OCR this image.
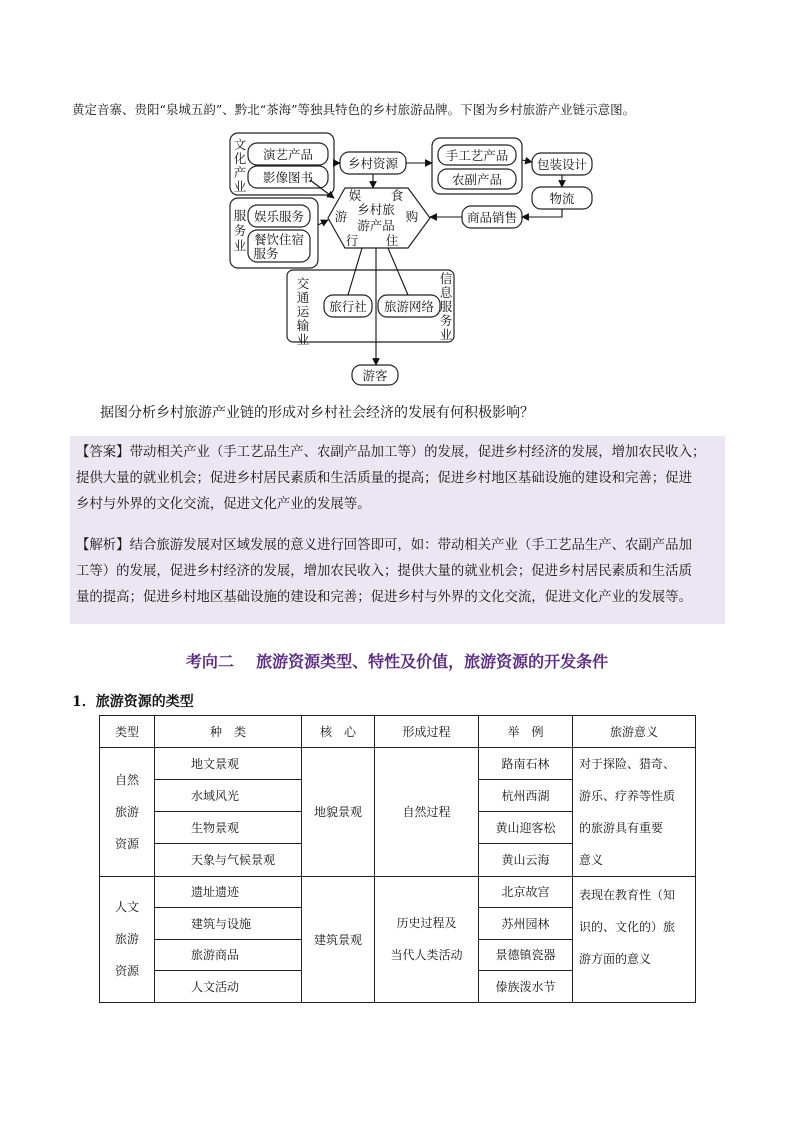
黄定音寨、贵阳“泉城五韵”、黔北“茶海”等独具特色的乡村旅游品牌。下图为乡村旅游产业链示意图。
文
化
产
业
演艺产品
影像图书
服
务
业
娱乐服务
餐饮住宿
服务
乡村资源
手工艺产品
农副产品
包装设计
物流
商品销售
娱 食
游	购
行 住
乡村旅
游产品
交
通
运
输
业
信
息
服
务
业
旅行社 旅游网络
游客
据图分析乡村旅游产业链的形成对乡村社会经济的发展有何积极影响？

【答案】带动相关产业（手工艺品生产、农副产品加工等）的发展，促进乡村经济的发展，增加农民收入；

提供大量的就业机会；促进乡村居民素质和生活质量的提高；促进乡村地区基础设施的建设和完善；促进

乡村与外界的文化交流，促进文化产业的发展等。

【解析】结合旅游发展对区域发展的意义进行回答即可，如：带动相关产业（手工艺品生产、农副产品加

工等）的发展，促进乡村经济的发展，增加农民收入；提供大量的就业机会；促进乡村居民素质和生活质

量的提高；促进乡村地区基础设施的建设和完善；促进乡村与外界的文化交流，促进文化产业的发展等。

考向二    旅游资源类型、特性及价值，旅游资源的开发条件
1．旅游资源的类型
类型	种　类	核　心	形成过程	举　例	旅游意义
自然
旅游
资源	地文景观	地貌景观	自然过程	路南石林	对于探险、猎奇、
游乐、疗养等性质
的旅游具有重要
意义
	水域风光			杭州西湖	
	生物景观			黄山迎客松	
	天象与气候景观			黄山云海	
人文
旅游
资源	遗址遗迹	建筑景观	历史过程及
当代人类活动	北京故宫	表现在教育性（知
识的、文化的）旅
游方面的意义
	建筑与设施			苏州园林	
	旅游商品			景德镇瓷器	
	人文活动			傣族泼水节	
